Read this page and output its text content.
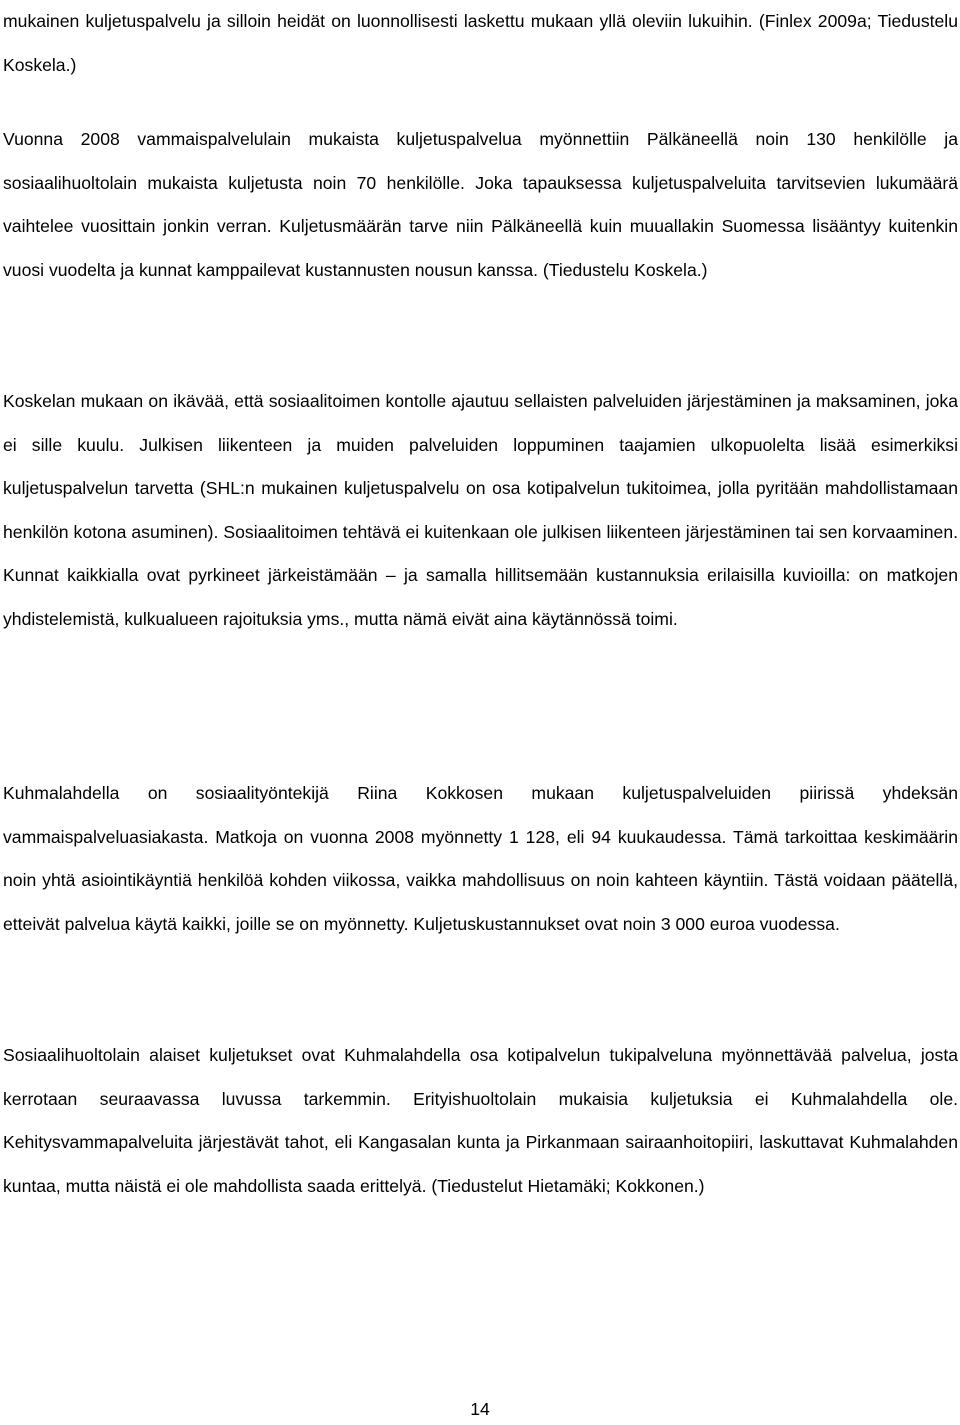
mukainen kuljetuspalvelu ja silloin heidät on luonnollisesti laskettu mukaan yllä oleviin lukuihin. (Finlex 2009a; Tiedustelu Koskela.)

Vuonna 2008 vammaispalvelulain mukaista kuljetuspalvelua myönnettiin Pälkäneellä noin 130 henkilölle ja sosiaalihuoltolain mukaista kuljetusta noin 70 henkilölle. Joka tapauksessa kuljetuspalveluita tarvitsevien lukumäärä vaihtelee vuosittain jonkin verran. Kuljetusmäärän tarve niin Pälkäneellä kuin muuallakin Suomessa lisääntyy kuitenkin vuosi vuodelta ja kunnat kamppailevat kustannusten nousun kanssa. (Tiedustelu Koskela.)

Koskelan mukaan on ikävää, että sosiaalitoimen kontolle ajautuu sellaisten palveluiden järjestäminen ja maksaminen, joka ei sille kuulu. Julkisen liikenteen ja muiden palveluiden loppuminen taajamien ulkopuolelta lisää esimerkiksi kuljetuspalvelun tarvetta (SHL:n mukainen kuljetuspalvelu on osa kotipalvelun tukitoimea, jolla pyritään mahdollistamaan henkilön kotona asuminen). Sosiaalitoimen tehtävä ei kuitenkaan ole julkisen liikenteen järjestäminen tai sen korvaaminen. Kunnat kaikkialla ovat pyrkineet järkeistämään – ja samalla hillitsemään kustannuksia erilaisilla kuvioilla: on matkojen yhdistelemistä, kulkualueen rajoituksia yms., mutta nämä eivät aina käytännössä toimi.

Kuhmalahdella on sosiaalityöntekijä Riina Kokkosen mukaan kuljetuspalveluiden piirissä yhdeksän vammaispalveluasiakasta. Matkoja on vuonna 2008 myönnetty 1 128, eli 94 kuukaudessa. Tämä tarkoittaa keskimäärin noin yhtä asiointikäyntiä henkilöä kohden viikossa, vaikka mahdollisuus on noin kahteen käyntiin. Tästä voidaan päätellä, etteivät palvelua käytä kaikki, joille se on myönnetty. Kuljetuskustannukset ovat noin 3 000 euroa vuodessa.

Sosiaalihuoltolain alaiset kuljetukset ovat Kuhmalahdella osa kotipalvelun tukipalveluna myönnettävää palvelua, josta kerrotaan seuraavassa luvussa tarkemmin. Erityishuoltolain mukaisia kuljetuksia ei Kuhmalahdella ole. Kehitysvammapalveluita järjestävät tahot, eli Kangasalan kunta ja Pirkanmaan sairaanhoitopiiri, laskuttavat Kuhmalahden kuntaa, mutta näistä ei ole mahdollista saada erittelyä. (Tiedustelut Hietamäki; Kokkonen.)

14
